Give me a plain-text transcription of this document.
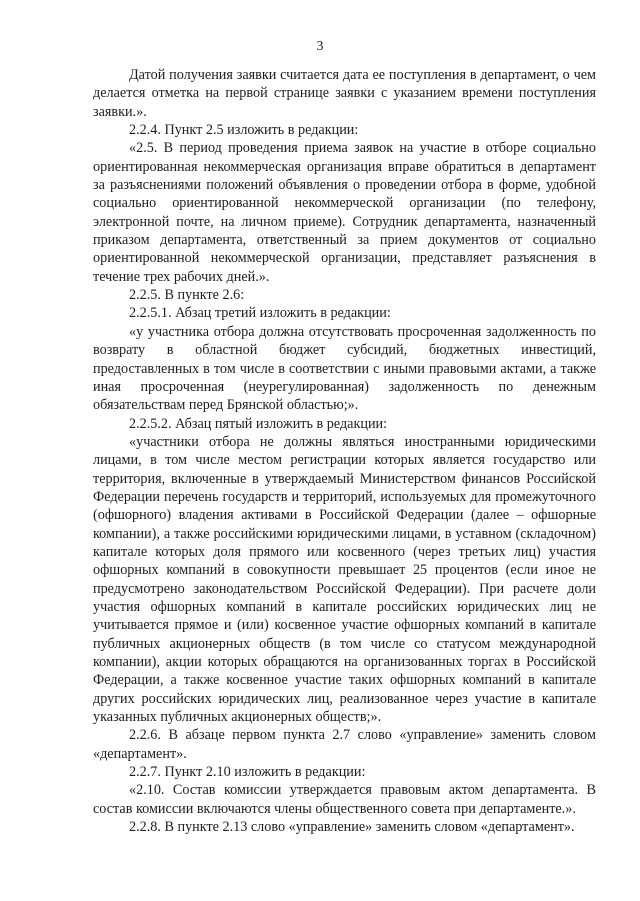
3

Датой получения заявки считается дата ее поступления в департамент, о чем делается отметка на первой странице заявки с указанием времени поступления заявки.».

2.2.4. Пункт 2.5 изложить в редакции:

«2.5. В период проведения приема заявок на участие в отборе социально ориентированная некоммерческая организация вправе обратиться в департамент за разъяснениями положений объявления о проведении отбора в форме, удобной социально ориентированной некоммерческой организации (по телефону, электронной почте, на личном приеме). Сотрудник департамента, назначенный приказом департамента, ответственный за прием документов от социально ориентированной некоммерческой организации, представляет разъяснения в течение трех рабочих дней.».

2.2.5. В пункте 2.6:

2.2.5.1. Абзац третий изложить в редакции:

«у участника отбора должна отсутствовать просроченная задолженность по возврату в областной бюджет субсидий, бюджетных инвестиций, предоставленных в том числе в соответствии с иными правовыми актами, а также иная просроченная (неурегулированная) задолженность по денежным обязательствам перед Брянской областью;».

2.2.5.2. Абзац пятый изложить в редакции:

«участники отбора не должны являться иностранными юридическими лицами, в том числе местом регистрации которых является государство или территория, включенные в утверждаемый Министерством финансов Российской Федерации перечень государств и территорий, используемых для промежуточного (офшорного) владения активами в Российской Федерации (далее – офшорные компании), а также российскими юридическими лицами, в уставном (складочном) капитале которых доля прямого или косвенного (через третьих лиц) участия офшорных компаний в совокупности превышает 25 процентов (если иное не предусмотрено законодательством Российской Федерации). При расчете доли участия офшорных компаний в капитале российских юридических лиц не учитывается прямое и (или) косвенное участие офшорных компаний в капитале публичных акционерных обществ (в том числе со статусом международной компании), акции которых обращаются на организованных торгах в Российской Федерации, а также косвенное участие таких офшорных компаний в капитале других российских юридических лиц, реализованное через участие в капитале указанных публичных акционерных обществ;».

2.2.6. В абзаце первом пункта 2.7 слово «управление» заменить словом «департамент».

2.2.7. Пункт 2.10 изложить в редакции:

«2.10. Состав комиссии утверждается правовым актом департамента. В состав комиссии включаются члены общественного совета при департаменте.».

2.2.8. В пункте 2.13 слово «управление» заменить словом «департамент».
